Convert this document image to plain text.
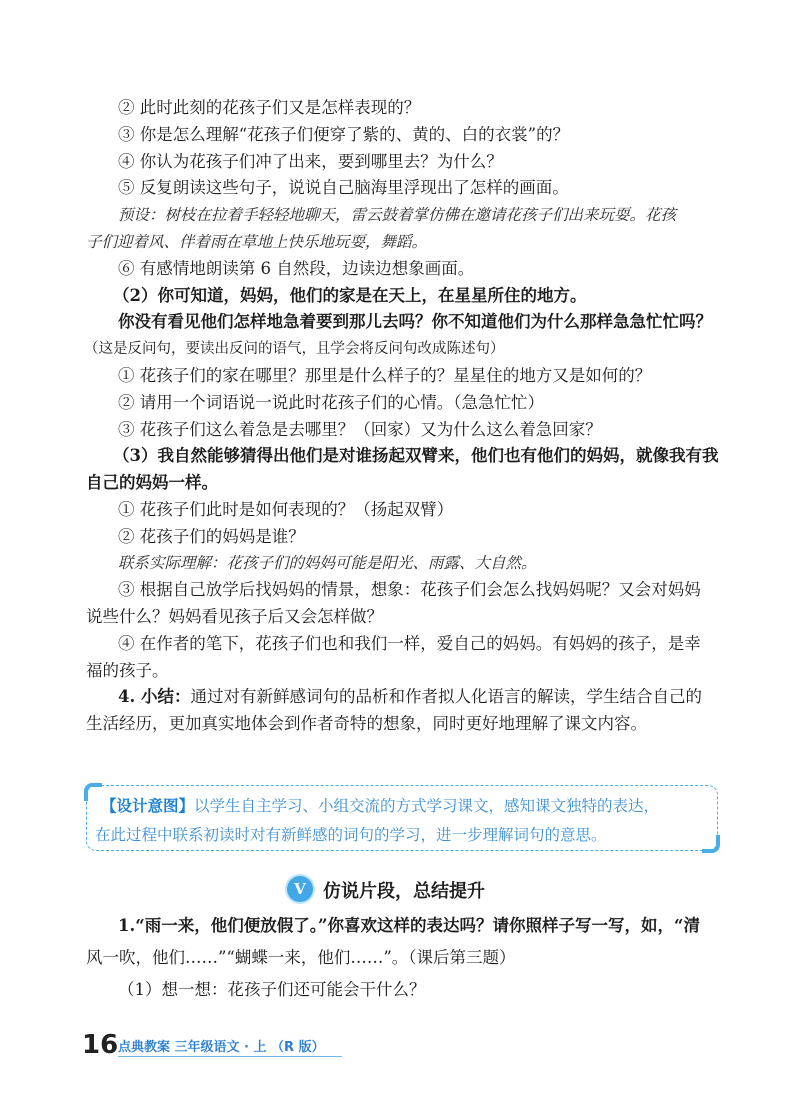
② 此时此刻的花孩子们又是怎样表现的？
③ 你是怎么理解“花孩子们便穿了紫的、黄的、白的衣裳”的？
④ 你认为花孩子们冲了出来，要到哪里去？为什么？
⑤ 反复朗读这些句子，说说自己脑海里浮现出了怎样的画面。
预设：树枝在拉着手轻轻地聊天，雷云鼓着掌仿佛在邀请花孩子们出来玩耍。花孩
子们迎着风、伴着雨在草地上快乐地玩耍，舞蹈。
⑥ 有感情地朗读第 6 自然段，边读边想象画面。
（2）你可知道，妈妈，他们的家是在天上，在星星所住的地方。
你没有看见他们怎样地急着要到那儿去吗？你不知道他们为什么那样急急忙忙吗？
（这是反问句，要读出反问的语气，且学会将反问句改成陈述句）
① 花孩子们的家在哪里？那里是什么样子的？星星住的地方又是如何的？
② 请用一个词语说一说此时花孩子们的心情。（急急忙忙）
③ 花孩子们这么着急是去哪里？（回家）又为什么这么着急回家？
（3）我自然能够猜得出他们是对谁扬起双臂来，他们也有他们的妈妈，就像我有我
自己的妈妈一样。
① 花孩子们此时是如何表现的？（扬起双臂）
② 花孩子们的妈妈是谁？
联系实际理解：花孩子们的妈妈可能是阳光、雨露、大自然。
③ 根据自己放学后找妈妈的情景，想象：花孩子们会怎么找妈妈呢？又会对妈妈
说些什么？妈妈看见孩子后又会怎样做？
④ 在作者的笔下，花孩子们也和我们一样，爱自己的妈妈。有妈妈的孩子，是幸
福的孩子。
【设计意图】以学生自主学习、小组交流的方式学习课文，感知课文独特的表达，
在此过程中联系初读时对有新鲜感的词句的学习，进一步理解词句的意思。
V 仿说片段，总结提升
1.“雨一来，他们便放假了。”你喜欢这样的表达吗？请你照样子写一写，如，“清
风一吹，他们……”“蝴蝶一来，他们……”。（课后第三题）
（1）想一想：花孩子们还可能会干什么？
16 点典教案 三年级语文 · 上 （R 版）
4. 小结：通过对有新鲜感词句的品析和作者拟人化语言的解读，学生结合自己的
生活经历，更加真实地体会到作者奇特的想象，同时更好地理解了课文内容。
